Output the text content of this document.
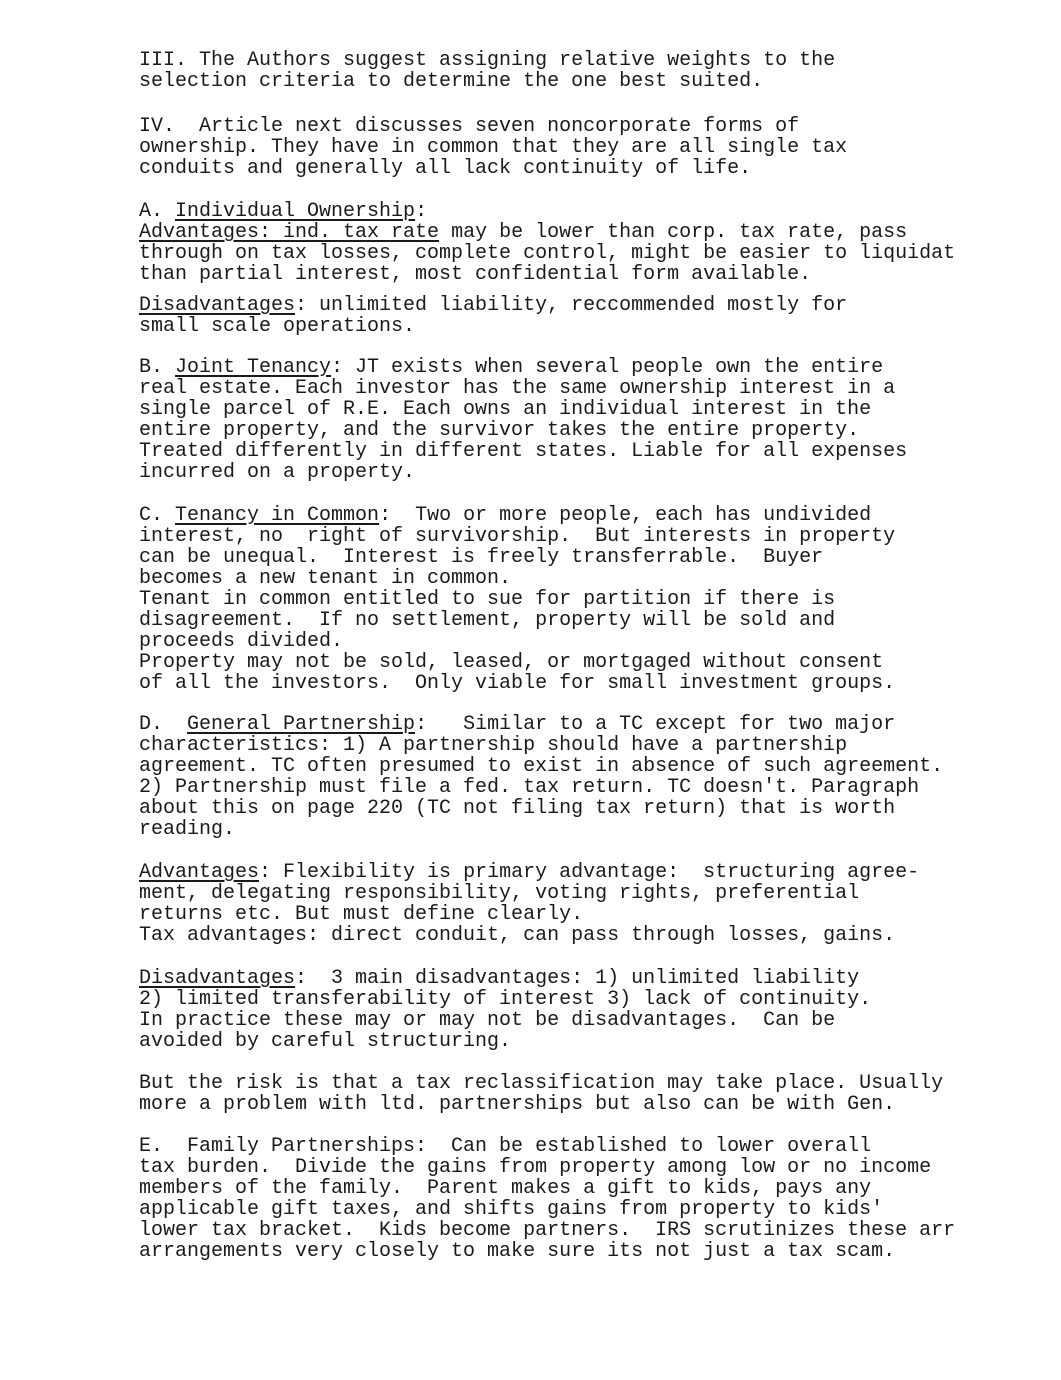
III. The Authors suggest assigning relative weights to the
selection criteria to determine the one best suited.

IV.  Article next discusses seven noncorporate forms of
ownership. They have in common that they are all single tax
conduits and generally all lack continuity of life.

A. Individual Ownership:

Advantages: ind. tax rate may be lower than corp. tax rate, pass
through on tax losses, complete control, might be easier to liquidat
than partial interest, most confidential form available.

Disadvantages: unlimited liability, reccommended mostly for
small scale operations.

B. Joint Tenancy: JT exists when several people own the entire
real estate. Each investor has the same ownership interest in a
single parcel of R.E. Each owns an individual interest in the
entire property, and the survivor takes the entire property.
Treated differently in different states. Liable for all expenses
incurred on a property.

C. Tenancy in Common:  Two or more people, each has undivided
interest, no  right of survivorship.  But interests in property
can be unequal.  Interest is freely transferrable.  Buyer
becomes a new tenant in common.
Tenant in common entitled to sue for partition if there is
disagreement.  If no settlement, property will be sold and
proceeds divided.
Property may not be sold, leased, or mortgaged without consent
of all the investors.  Only viable for small investment groups.

D.  General Partnership:   Similar to a TC except for two major
characteristics: 1) A partnership should have a partnership
agreement. TC often presumed to exist in absence of such agreement.
2) Partnership must file a fed. tax return. TC doesn't. Paragraph
about this on page 220 (TC not filing tax return) that is worth
reading.

Advantages: Flexibility is primary advantage:  structuring agree-
ment, delegating responsibility, voting rights, preferential
returns etc. But must define clearly.
Tax advantages: direct conduit, can pass through losses, gains.

Disadvantages:  3 main disadvantages: 1) unlimited liability
2) limited transferability of interest 3) lack of continuity.
In practice these may or may not be disadvantages.  Can be
avoided by careful structuring.

But the risk is that a tax reclassification may take place. Usually
more a problem with ltd. partnerships but also can be with Gen.

E.  Family Partnerships:  Can be established to lower overall
tax burden.  Divide the gains from property among low or no income
members of the family.  Parent makes a gift to kids, pays any
applicable gift taxes, and shifts gains from property to kids'
lower tax bracket.  Kids become partners.  IRS scrutinizes these arr
arrangements very closely to make sure its not just a tax scam.
